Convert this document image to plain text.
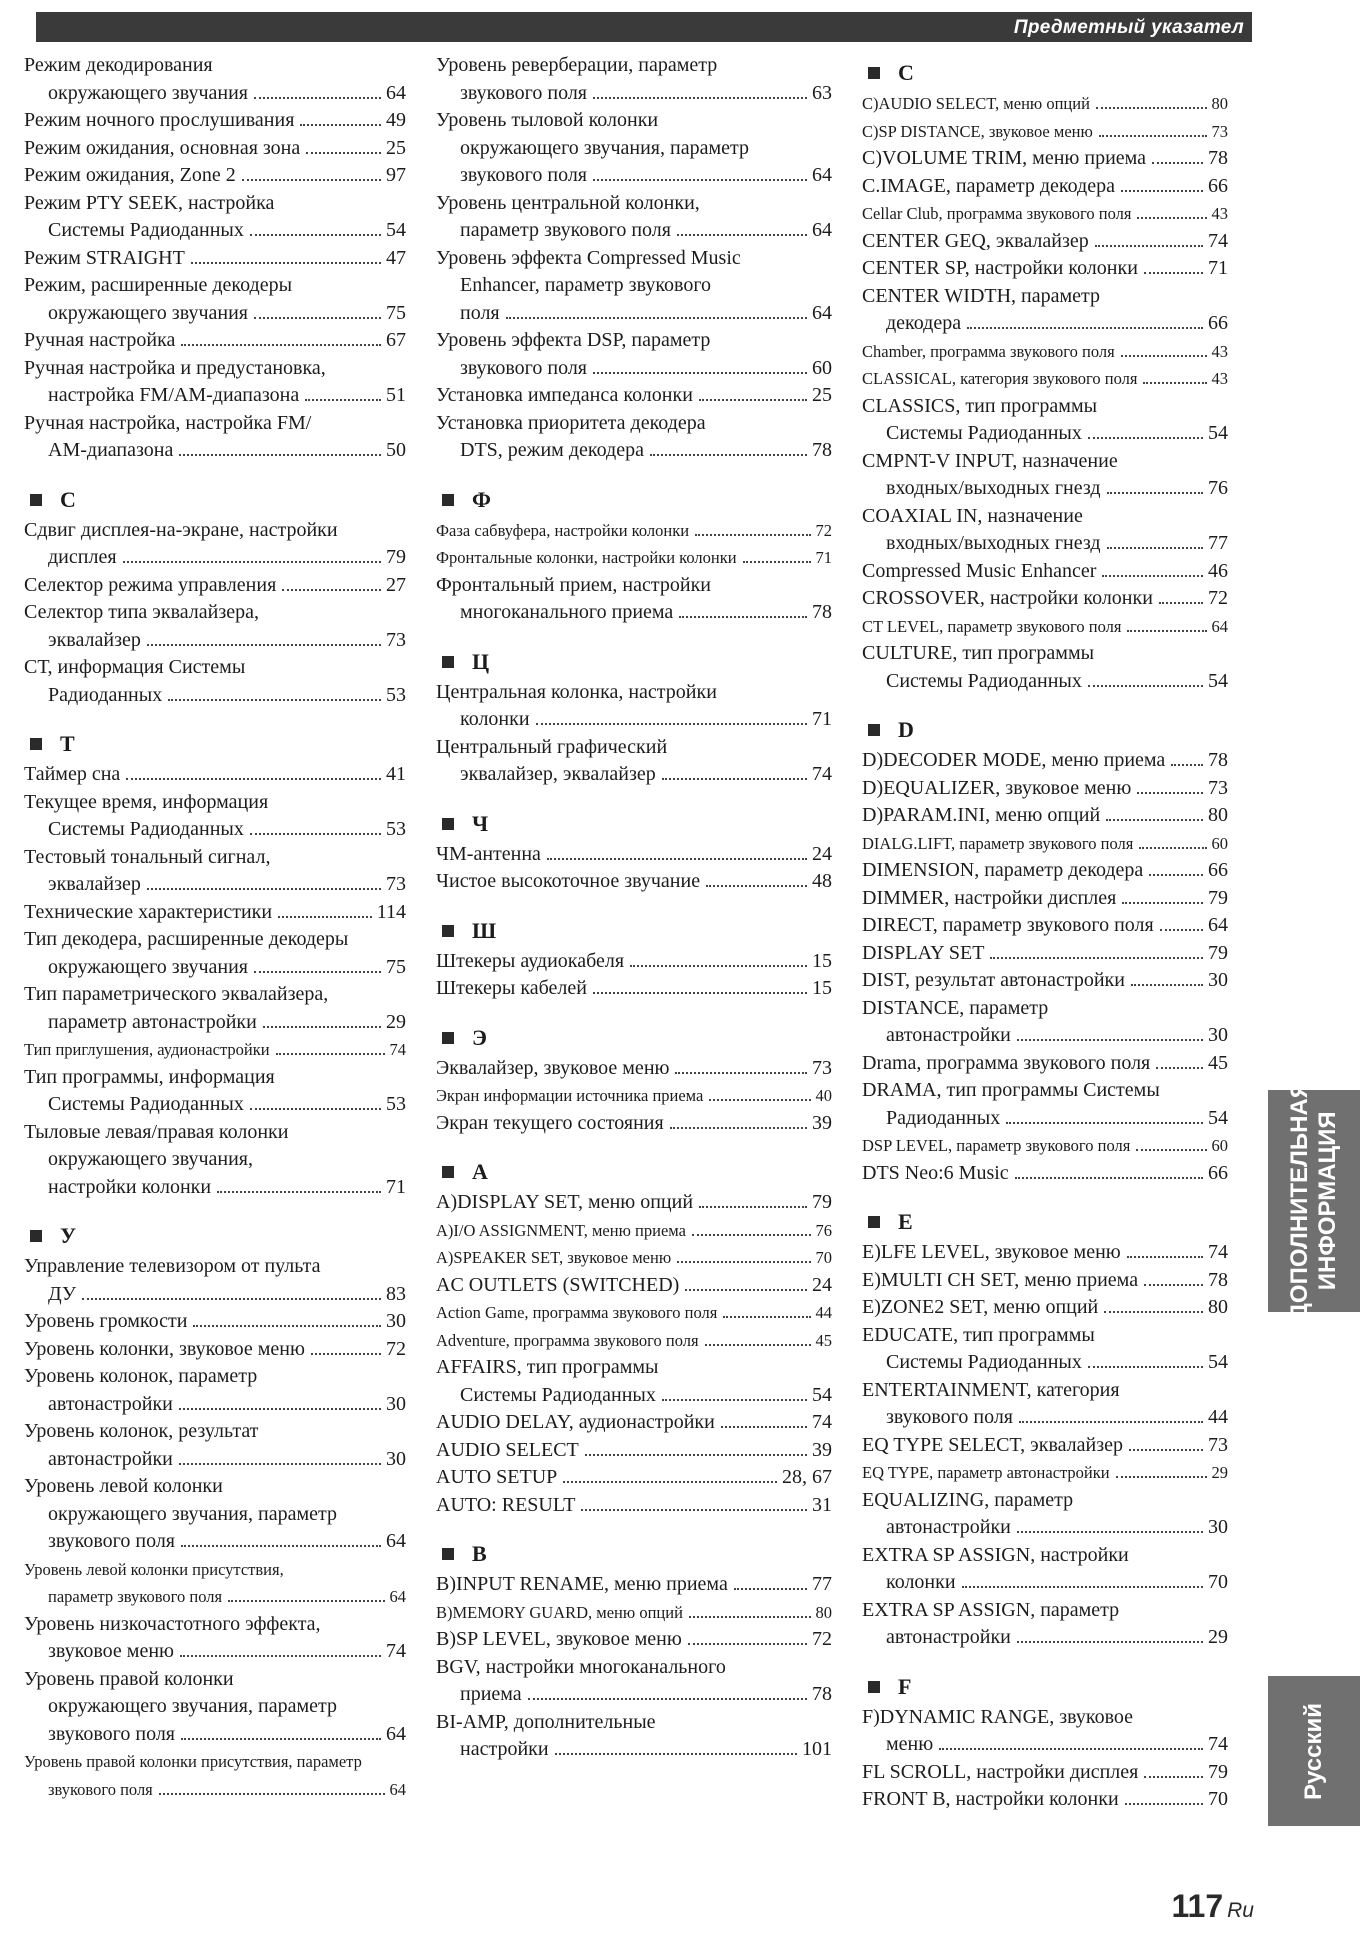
Предметный указател
Режим декодирования
окружающего звучания	64
Режим ночного прослушивания	49
Режим ожидания, основная зона	25
Режим ожидания, Zone 2	97
Режим PTY SEEK, настройка
Системы Радиоданных	54
Режим STRAIGHT	47
Режим, расширенные декодеры
окружающего звучания	75
Ручная настройка	67
Ручная настройка и предустановка,
настройка FM/AM-диапазона	51
Ручная настройка, настройка FM/
AM-диапазона	50
С
Сдвиг дисплея-на-экране, настройки
дисплея	79
Селектор режима управления	27
Селектор типа эквалайзера,
эквалайзер	73
СТ, информация Системы
Радиоданных	53
Т
Таймер сна	41
Текущее время, информация
Системы Радиоданных	53
Тестовый тональный сигнал,
эквалайзер	73
Технические характеристики	114
Тип декодера, расширенные декодеры
окружающего звучания	75
Тип параметрического эквалайзера,
параметр автонастройки	29
Тип приглушения, аудионастройки	74
Тип программы, информация
Системы Радиоданных	53
Тыловые левая/правая колонки
окружающего звучания,
настройки колонки	71
У
Управление телевизором от пульта
ДУ	83
Уровень громкости	30
Уровень колонки, звуковое меню	72
Уровень колонок, параметр
автонастройки	30
Уровень колонок, результат
автонастройки	30
Уровень левой колонки
окружающего звучания, параметр
звукового поля	64
Уровень левой колонки присутствия,
параметр звукового поля	64
Уровень низкочастотного эффекта,
звуковое меню	74
Уровень правой колонки
окружающего звучания, параметр
звукового поля	64
Уровень правой колонки присутствия, параметр
звукового поля	64
Уровень реверберации, параметр
звукового поля	63
Уровень тыловой колонки
окружающего звучания, параметр
звукового поля	64
Уровень центральной колонки,
параметр звукового поля	64
Уровень эффекта Compressed Music
Enhancer, параметр звукового
поля	64
Уровень эффекта DSP, параметр
звукового поля	60
Установка импеданса колонки	25
Установка приоритета декодера
DTS, режим декодера	78
Ф
Фаза сабвуфера, настройки колонки	72
Фронтальные колонки, настройки колонки	71
Фронтальный прием, настройки
многоканального приема	78
Ц
Центральная колонка, настройки
колонки	71
Центральный графический
эквалайзер, эквалайзер	74
Ч
ЧМ-антенна	24
Чистое высокоточное звучание	48
Ш
Штекеры аудиокабеля	15
Штекеры кабелей	15
Э
Эквалайзер, звуковое меню	73
Экран информации источника приема	40
Экран текущего состояния	39
A
A)DISPLAY SET, меню опций	79
A)I/O ASSIGNMENT, меню приема	76
A)SPEAKER SET, звуковое меню	70
AC OUTLETS (SWITCHED)	24
Action Game, программа звукового поля	44
Adventure, программа звукового поля	45
AFFAIRS, тип программы
Системы Радиоданных	54
AUDIO DELAY, аудионастройки	74
AUDIO SELECT	39
AUTO SETUP	28, 67
AUTO: RESULT	31
B
B)INPUT RENAME, меню приема	77
B)MEMORY GUARD, меню опций	80
B)SP LEVEL, звуковое меню	72
BGV, настройки многоканального
приема	78
BI-AMP, дополнительные
настройки	101
C
C)AUDIO SELECT, меню опций	80
C)SP DISTANCE, звуковое меню	73
C)VOLUME TRIM, меню приема	78
C.IMAGE, параметр декодера	66
Cellar Club, программа звукового поля	43
CENTER GEQ, эквалайзер	74
CENTER SP, настройки колонки	71
CENTER WIDTH, параметр
декодера	66
Chamber, программа звукового поля	43
CLASSICAL, категория звукового поля	43
CLASSICS, тип программы
Системы Радиоданных	54
CMPNT-V INPUT, назначение
входных/выходных гнезд	76
COAXIAL IN, назначение
входных/выходных гнезд	77
Compressed Music Enhancer	46
CROSSOVER, настройки колонки	72
CT LEVEL, параметр звукового поля	64
CULTURE, тип программы
Системы Радиоданных	54
D
D)DECODER MODE, меню приема 78
D)EQUALIZER, звуковое меню	73
D)PARAM.INI, меню опций	80
DIALG.LIFT, параметр звукового поля	60
DIMENSION, параметр декодера	66
DIMMER, настройки дисплея	79
DIRECT, параметр звукового поля	64
DISPLAY SET	79
DIST, результат автонастройки	30
DISTANCE, параметр
автонастройки	30
Drama, программа звукового поля	45
DRAMA, тип программы Системы
Радиоданных	54
DSP LEVEL, параметр звукового поля	60
DTS Neo:6 Music	66
E
E)LFE LEVEL, звуковое меню	74
E)MULTI CH SET, меню приема	78
E)ZONE2 SET, меню опций	80
EDUCATE, тип программы
Системы Радиоданных	54
ENTERTAINMENT, категория
звукового поля	44
EQ TYPE SELECT, эквалайзер	73
EQ TYPE, параметр автонастройки	29
EQUALIZING, параметр
автонастройки	30
EXTRA SP ASSIGN, настройки
колонки	70
EXTRA SP ASSIGN, параметр
автонастройки	29
F
F)DYNAMIC RANGE, звуковое
меню	74
FL SCROLL, настройки дисплея	79
FRONT B, настройки колонки	70
ДОПОЛНИТЕЛЬНАЯ
ИНФОРМАЦИЯ
Русский
117 Ru
